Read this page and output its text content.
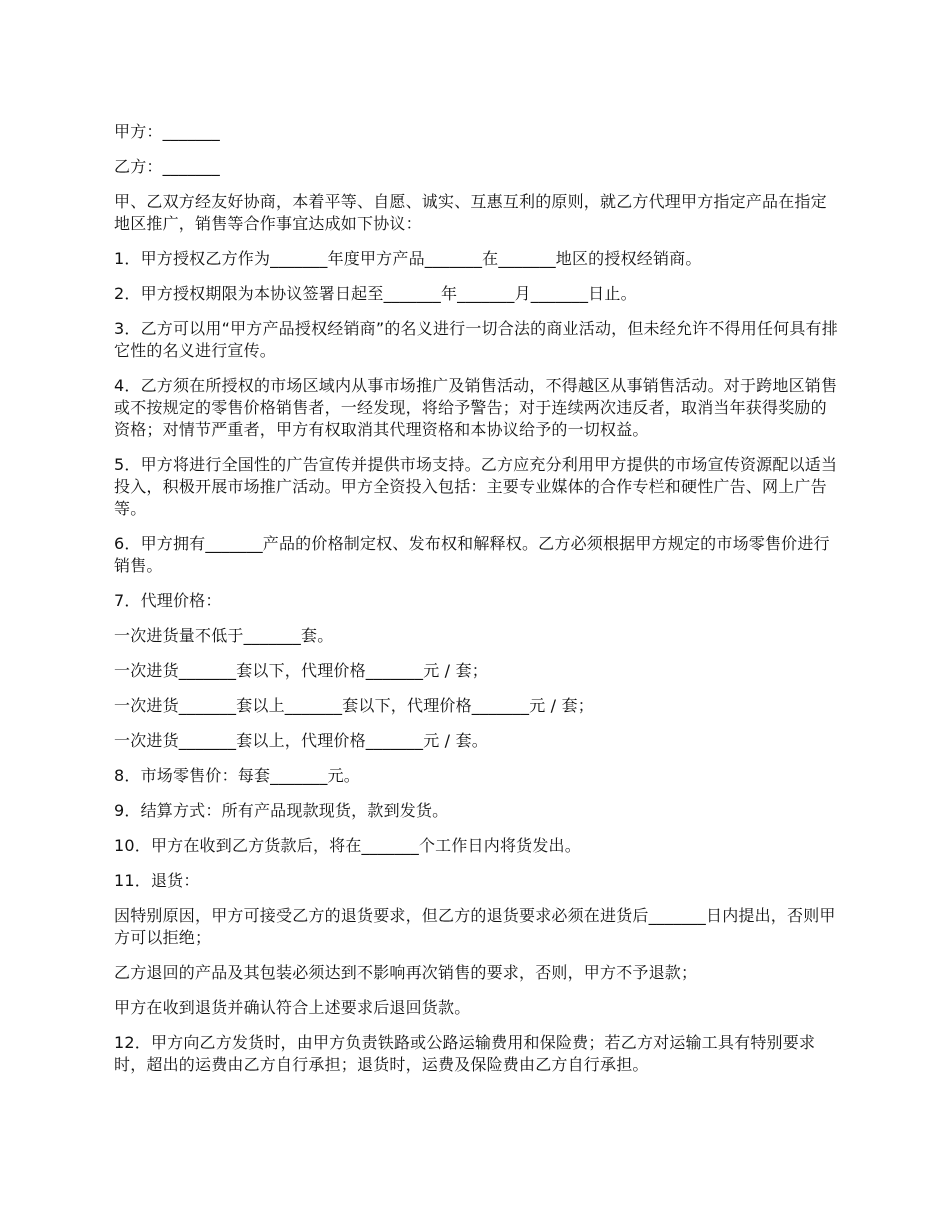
甲方：_______

乙方：_______

甲、乙双方经友好协商，本着平等、自愿、诚实、互惠互利的原则，就乙方代理甲方指定产品在指定地区推广，销售等合作事宜达成如下协议：

1．甲方授权乙方作为_______年度甲方产品_______在_______地区的授权经销商。

2．甲方授权期限为本协议签署日起至_______年_______月_______日止。

3．乙方可以用“甲方产品授权经销商”的名义进行一切合法的商业活动，但未经允许不得用任何具有排它性的名义进行宣传。

4．乙方须在所授权的市场区域内从事市场推广及销售活动，不得越区从事销售活动。对于跨地区销售或不按规定的零售价格销售者，一经发现，将给予警告；对于连续两次违反者，取消当年获得奖励的资格；对情节严重者，甲方有权取消其代理资格和本协议给予的一切权益。

5．甲方将进行全国性的广告宣传并提供市场支持。乙方应充分利用甲方提供的市场宣传资源配以适当投入，积极开展市场推广活动。甲方全资投入包括：主要专业媒体的合作专栏和硬性广告、网上广告等。

6．甲方拥有_______产品的价格制定权、发布权和解释权。乙方必须根据甲方规定的市场零售价进行销售。

7．代理价格：

一次进货量不低于_______套。

一次进货_______套以下，代理价格_______元 / 套；

一次进货_______套以上_______套以下，代理价格_______元 / 套；

一次进货_______套以上，代理价格_______元 / 套。

8．市场零售价：每套_______元。

9．结算方式：所有产品现款现货，款到发货。

10．甲方在收到乙方货款后，将在_______个工作日内将货发出。

11．退货：

因特别原因，甲方可接受乙方的退货要求，但乙方的退货要求必须在进货后_______日内提出，否则甲方可以拒绝；

乙方退回的产品及其包装必须达到不影响再次销售的要求，否则，甲方不予退款；

甲方在收到退货并确认符合上述要求后退回货款。

12．甲方向乙方发货时，由甲方负责铁路或公路运输费用和保险费；若乙方对运输工具有特别要求时，超出的运费由乙方自行承担；退货时，运费及保险费由乙方自行承担。
